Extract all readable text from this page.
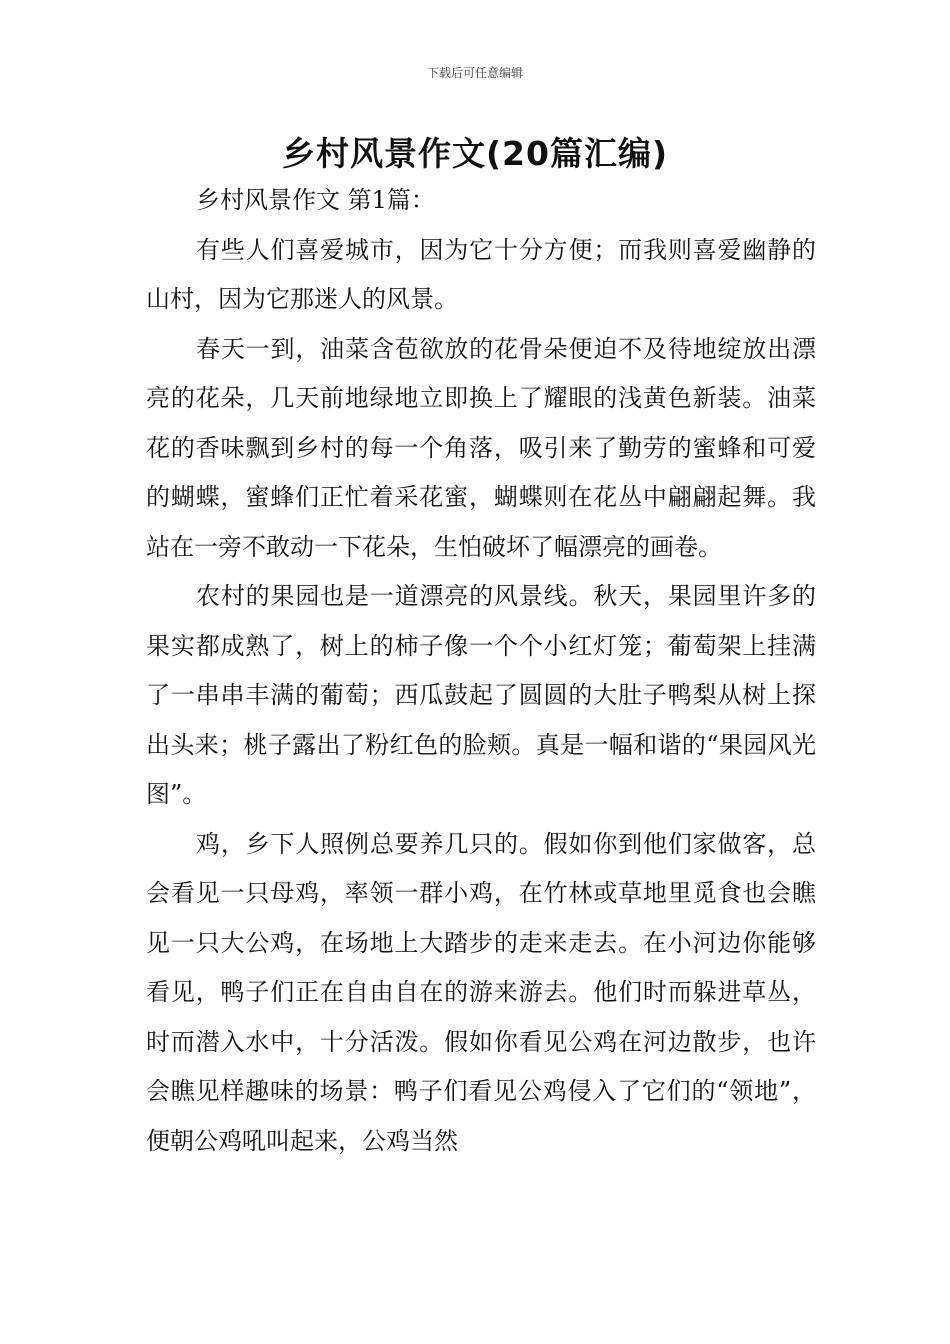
下载后可任意编辑
乡村风景作文(20篇汇编)

乡村风景作文 第1篇：

有些人们喜爱城市，因为它十分方便；而我则喜爱幽静的山村，因为它那迷人的风景。

春天一到，油菜含苞欲放的花骨朵便迫不及待地绽放出漂亮的花朵，几天前地绿地立即换上了耀眼的浅黄色新装。油菜花的香味飘到乡村的每一个角落，吸引来了勤劳的蜜蜂和可爱的蝴蝶，蜜蜂们正忙着采花蜜，蝴蝶则在花丛中翩翩起舞。我站在一旁不敢动一下花朵，生怕破坏了幅漂亮的画卷。

农村的果园也是一道漂亮的风景线。秋天，果园里许多的果实都成熟了，树上的柿子像一个个小红灯笼；葡萄架上挂满了一串串丰满的葡萄；西瓜鼓起了圆圆的大肚子鸭梨从树上探出头来；桃子露出了粉红色的脸颊。真是一幅和谐的“果园风光图”。

鸡，乡下人照例总要养几只的。假如你到他们家做客，总会看见一只母鸡，率领一群小鸡，在竹林或草地里觅食也会瞧见一只大公鸡，在场地上大踏步的走来走去。在小河边你能够看见，鸭子们正在自由自在的游来游去。他们时而躲进草丛，时而潜入水中，十分活泼。假如你看见公鸡在河边散步，也许会瞧见样趣味的场景：鸭子们看见公鸡侵入了它们的“领地”，便朝公鸡吼叫起来，公鸡当然
